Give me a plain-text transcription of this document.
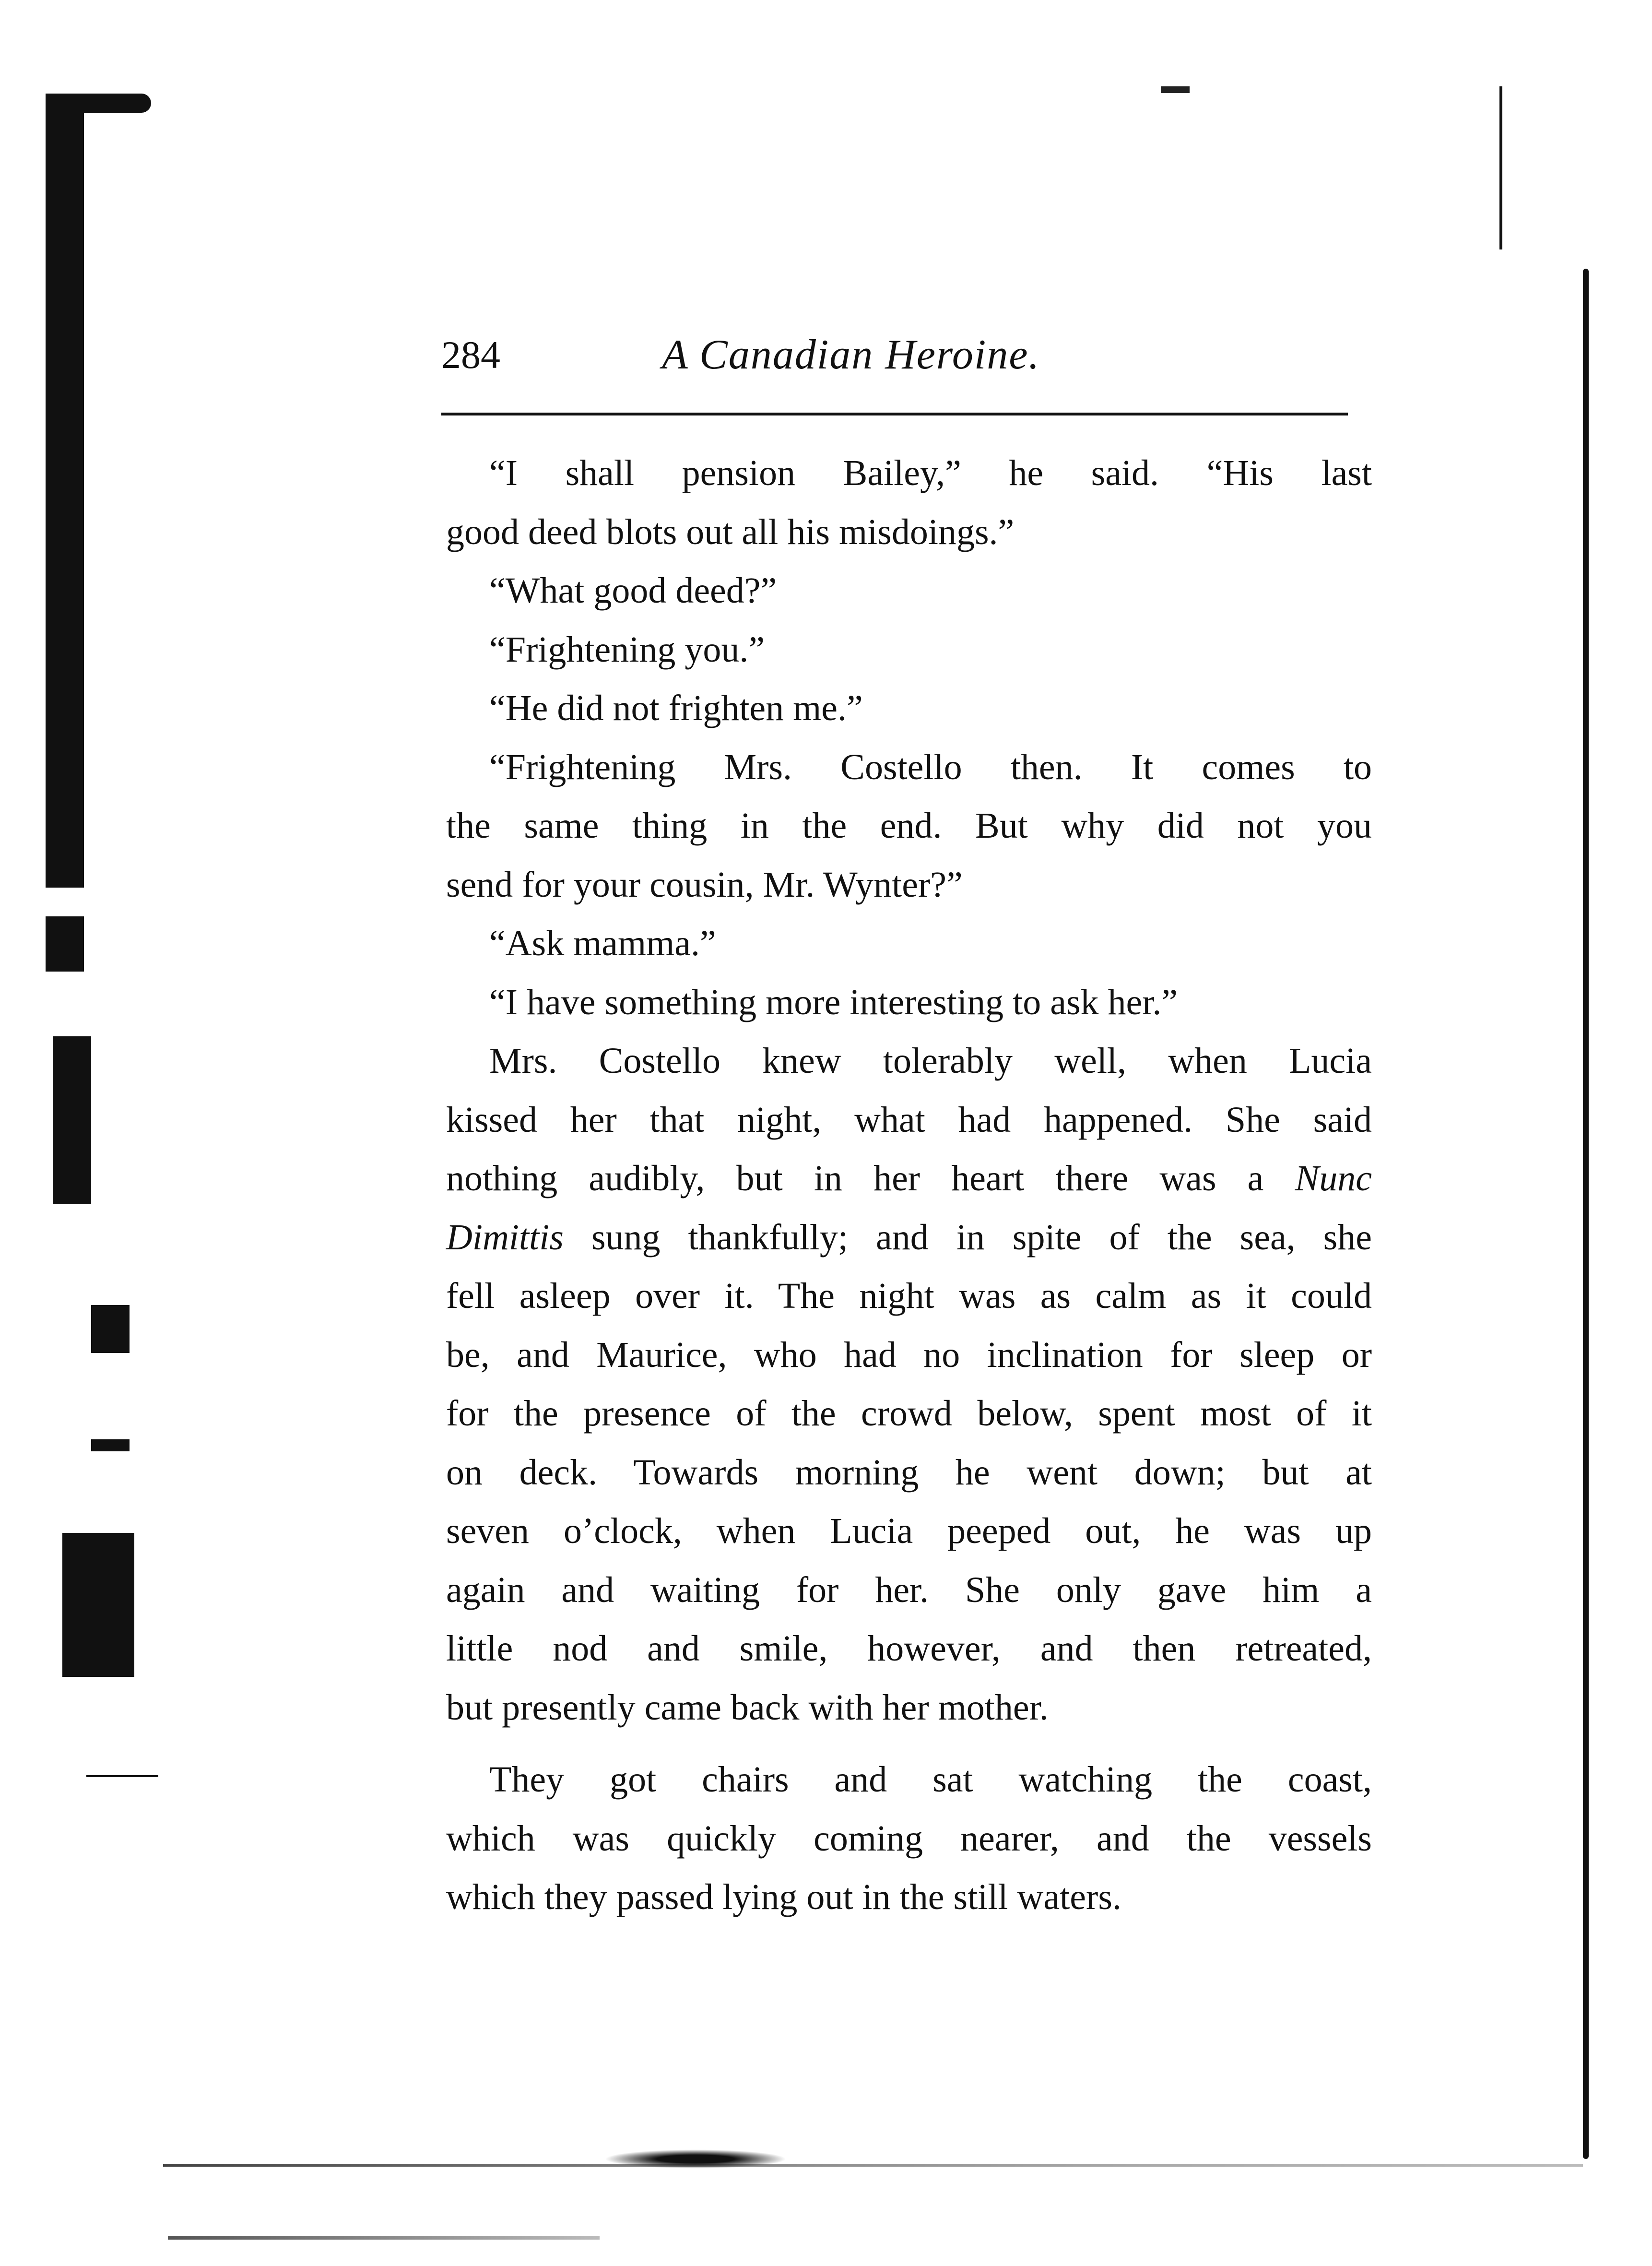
284	A Canadian Heroine.
“I shall pension Bailey,” he said. “His last
good deed blots out all his misdoings.”
“What good deed?”
“Frightening you.”
“He did not frighten me.”
“Frightening Mrs. Costello then. It comes to
the same thing in the end. But why did not you
send for your cousin, Mr. Wynter?”
“Ask mamma.”
“I have something more interesting to ask her.”
Mrs. Costello knew tolerably well, when Lucia
kissed her that night, what had happened. She said
nothing audibly, but in her heart there was a Nunc
Dimittis sung thankfully; and in spite of the sea, she
fell asleep over it. The night was as calm as it could
be, and Maurice, who had no inclination for sleep or
for the presence of the crowd below, spent most of it
on deck. Towards morning he went down; but at
seven o’clock, when Lucia peeped out, he was up
again and waiting for her. She only gave him a
little nod and smile, however, and then retreated,
but presently came back with her mother.
They got chairs and sat watching the coast,
which was quickly coming nearer, and the vessels
which they passed lying out in the still waters.
